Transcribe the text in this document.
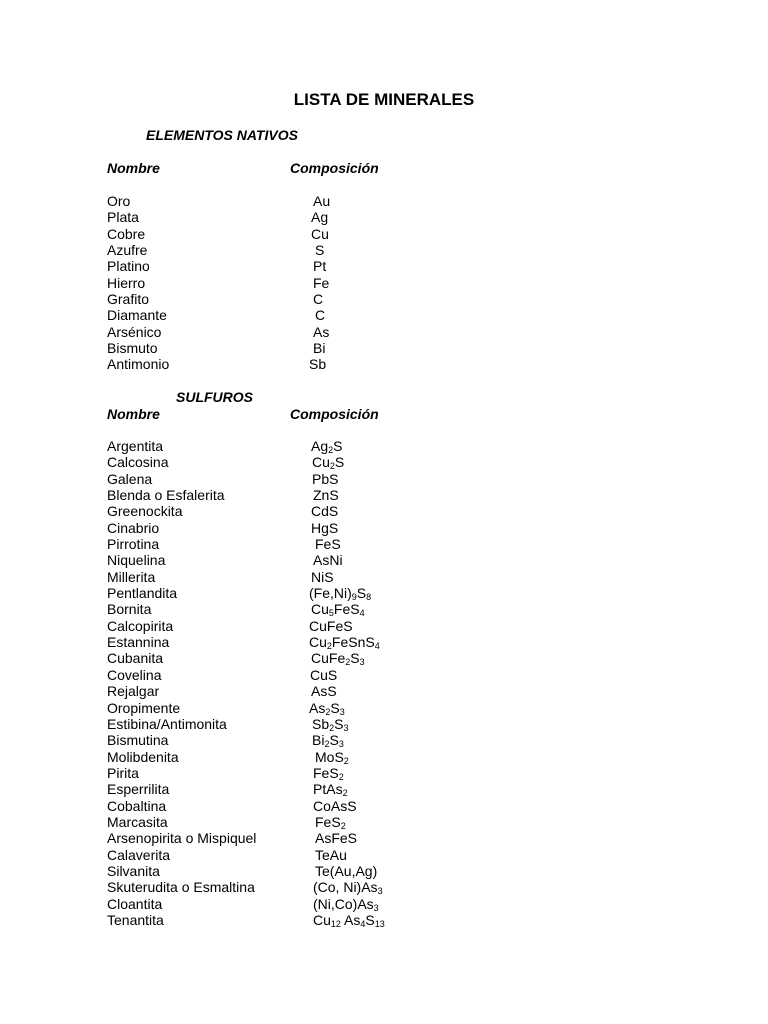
LISTA DE MINERALES
ELEMENTOS NATIVOS
Nombre	Composición
Oro	Au
Plata	Ag
Cobre	Cu
Azufre	S
Platino	Pt
Hierro	Fe
Grafito	C
Diamante	C
Arsénico	As
Bismuto	Bi
Antimonio	Sb
SULFUROS
Nombre	Composición
Argentita	$Ag_2S$
Calcosina	$Cu_2S$
Galena	PbS
Blenda o Esfalerita	ZnS
Greenockita	CdS
Cinabrio	HgS
Pirrotina	FeS
Niquelina	AsNi
Millerita	NiS
Pentlandita	$(Fe,Ni)_9S_8$
Bornita	$Cu_5FeS_4$
Calcopirita	CuFeS
Estannina	$Cu_2FeSnS_4$
Cubanita	$CuFe_2S_3$
Covelina	CuS
Rejalgar	AsS
Oropimente	$As_2S_3$
Estibina/Antimonita	$Sb_2S_3$
Bismutina	$Bi_2S_3$
Molibdenita	MoS$_2$
Pirita	FeS$_2$
Esperrilita	PtAs$_2$
Cobaltina	CoAsS
Marcasita	FeS$_2$
Arsenopirita o Mispiquel	AsFeS
Calaverita	TeAu
Silvanita	Te(Au,Ag)
Skuterudita o Esmaltina	(Co, $Ni)As_3$
Cloantita	$(Ni,Co)As_3$
Tenantita	$Cu_{12}$ $As_4S_{13}$
